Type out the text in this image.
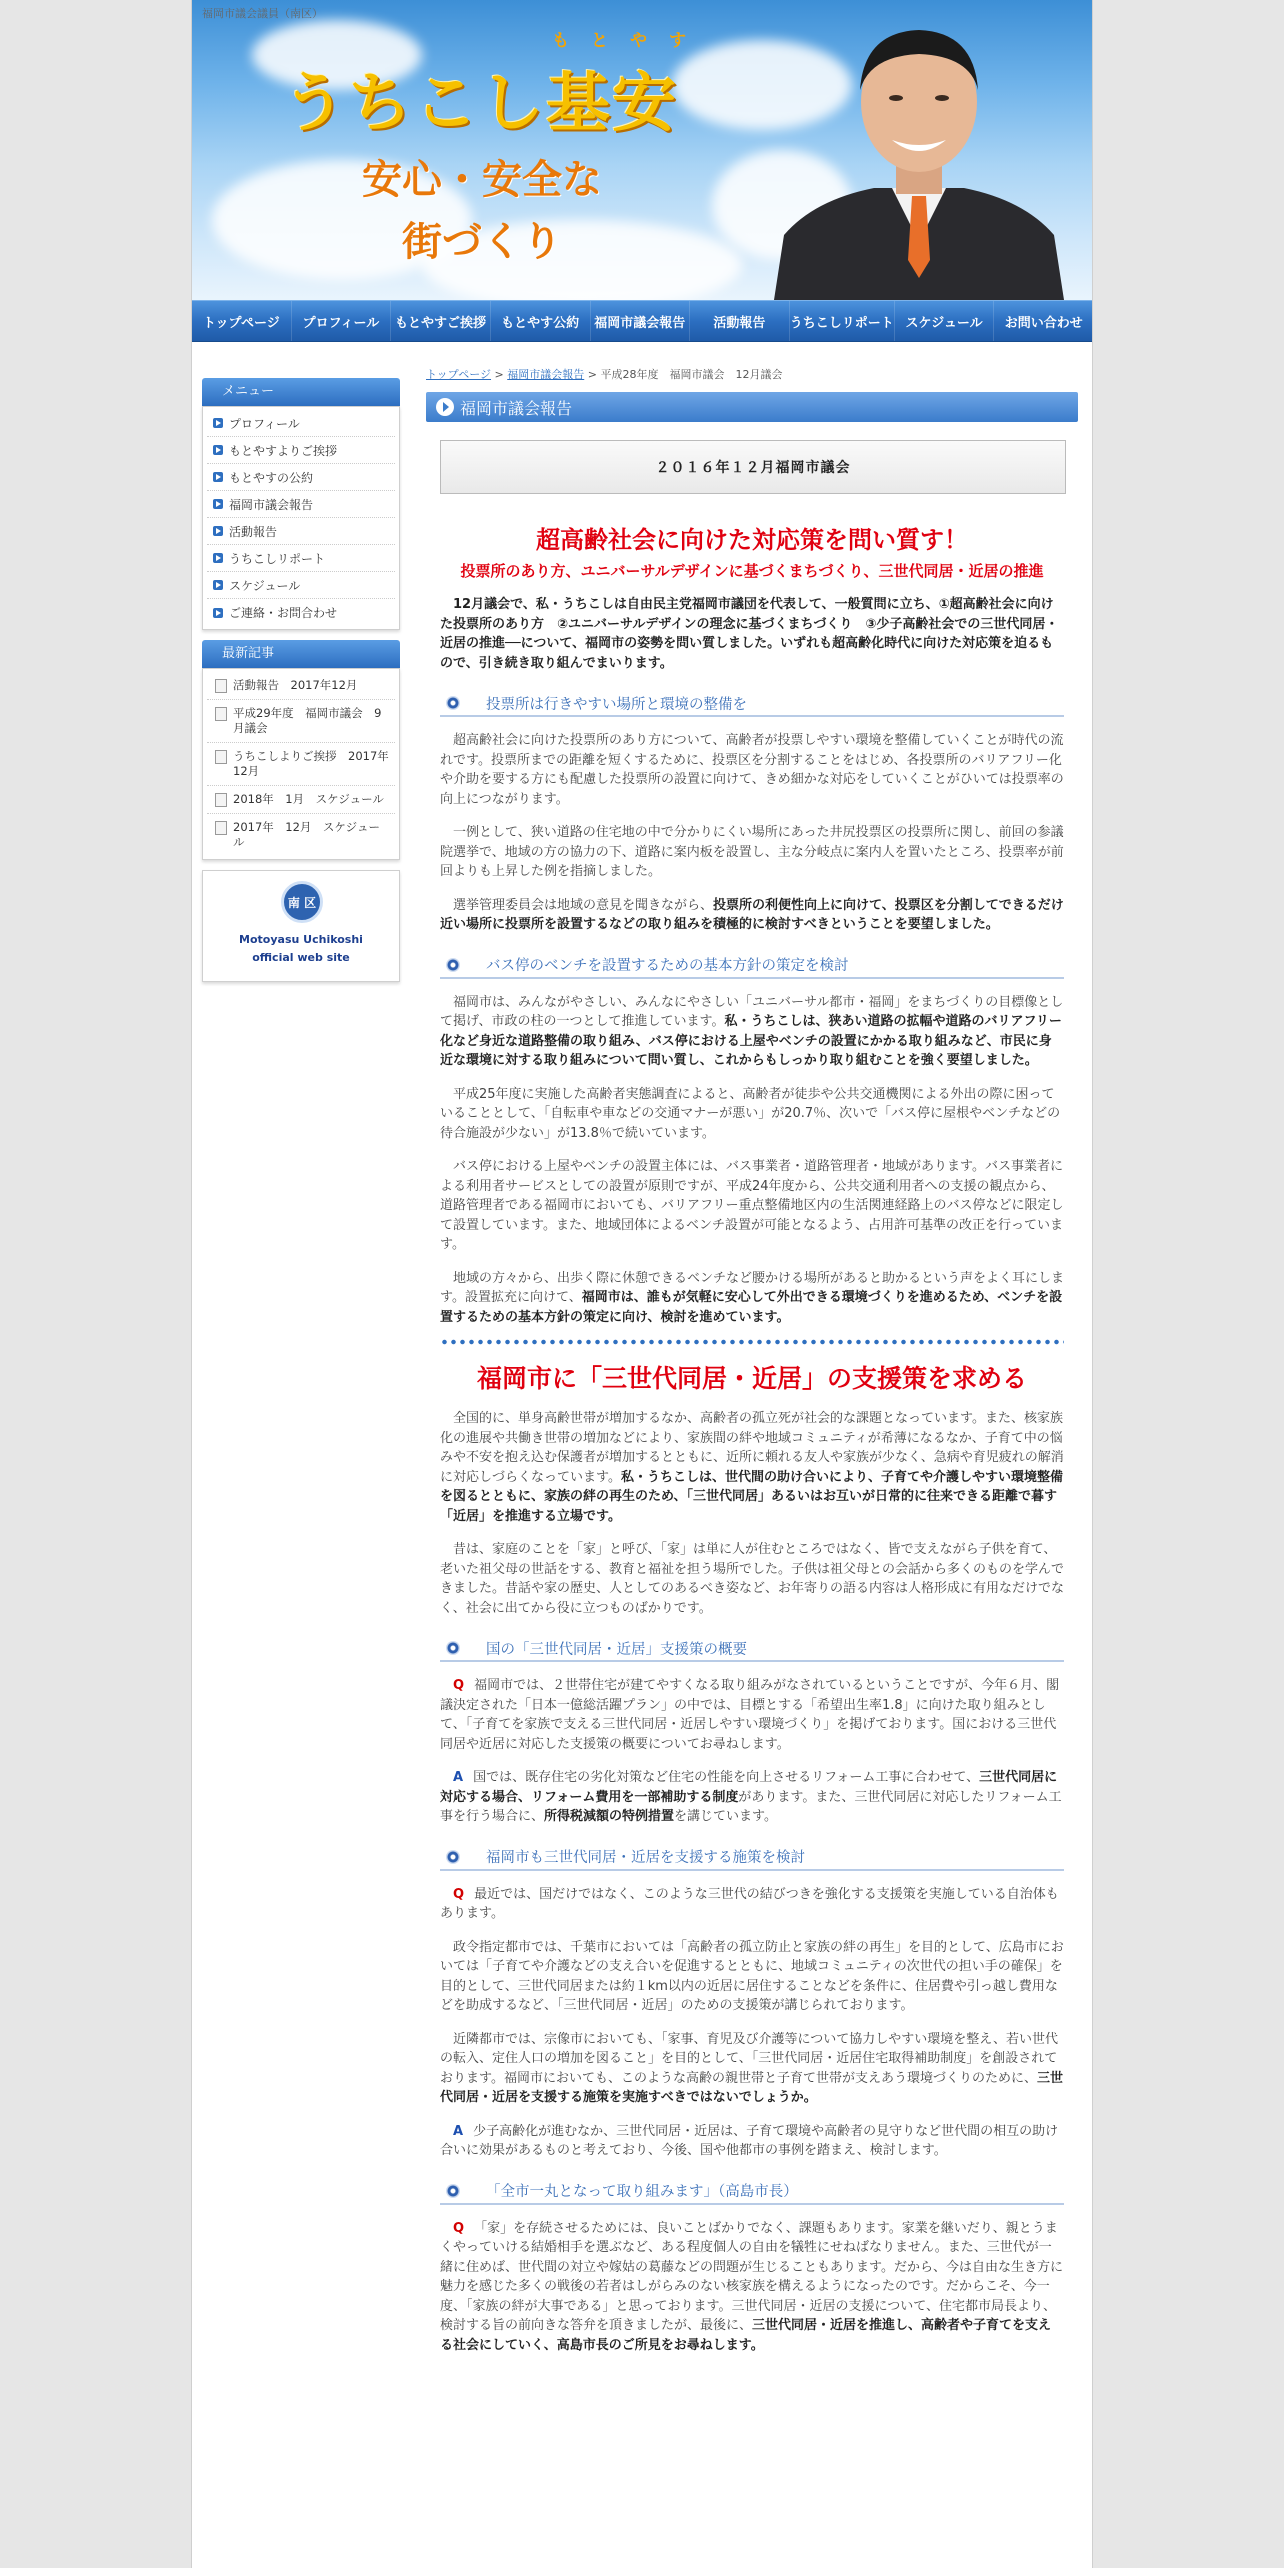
福岡市議会議員（南区）
もとやす
うちこし基安
安心・安全な
街づくり
トップページ	プロフィール	もとやすご挨拶	もとやす公約	福岡市議会報告	活動報告	うちこしリポート スケジュール	お問い合わせ
メニュー
プロフィール
もとやすよりご挨拶
もとやすの公約
福岡市議会報告
活動報告
うちこしリポート
スケジュール
ご連絡・お問合わせ
最新記事
活動報告　2017年12月
平成29年度　福岡市議会　9月議会
うちこしよりご挨拶　2017年12月
2018年　1月　スケジュール
2017年　12月　スケジュール
南 区
Motoyasu Uchikoshi
official web site
トップページ > 福岡市議会報告 > 平成28年度　福岡市議会　12月議会
福岡市議会報告
２０１６年１２月福岡市議会
超高齢社会に向けた対応策を問い質す！
投票所のあり方、ユニバーサルデザインに基づくまちづくり、三世代同居・近居の推進
12月議会で、私・うちこしは自由民主党福岡市議団を代表して、一般質問に立ち、①超高齢社会に向けた投票所のあり方　②ユニバーサルデザインの理念に基づくまちづくり　③少子高齢社会での三世代同居・近居の推進──について、福岡市の姿勢を問い質しました。いずれも超高齢化時代に向けた対応策を迫るもので、引き続き取り組んでまいります。
投票所は行きやすい場所と環境の整備を
超高齢社会に向けた投票所のあり方について、高齢者が投票しやすい環境を整備していくことが時代の流れです。投票所までの距離を短くするために、投票区を分割することをはじめ、各投票所のバリアフリー化や介助を要する方にも配慮した投票所の設置に向けて、きめ細かな対応をしていくことがひいては投票率の向上につながります。
一例として、狭い道路の住宅地の中で分かりにくい場所にあった井尻投票区の投票所に関し、前回の参議院選挙で、地域の方の協力の下、道路に案内板を設置し、主な分岐点に案内人を置いたところ、投票率が前回よりも上昇した例を指摘しました。
選挙管理委員会は地域の意見を聞きながら、投票所の利便性向上に向けて、投票区を分割してできるだけ近い場所に投票所を設置するなどの取り組みを積極的に検討すべきということを要望しました。
バス停のベンチを設置するための基本方針の策定を検討
福岡市は、みんながやさしい、みんなにやさしい「ユニバーサル都市・福岡」をまちづくりの目標像として掲げ、市政の柱の一つとして推進しています。私・うちこしは、狭あい道路の拡幅や道路のバリアフリー化など身近な道路整備の取り組み、バス停における上屋やベンチの設置にかかる取り組みなど、市民に身近な環境に対する取り組みについて問い質し、これからもしっかり取り組むことを強く要望しました。
平成25年度に実施した高齢者実態調査によると、高齢者が徒歩や公共交通機関による外出の際に困っていることとして、「自転車や車などの交通マナーが悪い」が20.7％、次いで「バス停に屋根やベンチなどの待合施設が少ない」が13.8％で続いています。
バス停における上屋やベンチの設置主体には、バス事業者・道路管理者・地域があります。バス事業者による利用者サービスとしての設置が原則ですが、平成24年度から、公共交通利用者への支援の観点から、道路管理者である福岡市においても、バリアフリー重点整備地区内の生活関連経路上のバス停などに限定して設置しています。また、地域団体によるベンチ設置が可能となるよう、占用許可基準の改正を行っています。
地域の方々から、出歩く際に休憩できるベンチなど腰かける場所があると助かるという声をよく耳にします。設置拡充に向けて、福岡市は、誰もが気軽に安心して外出できる環境づくりを進めるため、ベンチを設置するための基本方針の策定に向け、検討を進めています。
福岡市に「三世代同居・近居」の支援策を求める
全国的に、単身高齢世帯が増加するなか、高齢者の孤立死が社会的な課題となっています。また、核家族化の進展や共働き世帯の増加などにより、家族間の絆や地域コミュニティが希薄になるなか、子育て中の悩みや不安を抱え込む保護者が増加するとともに、近所に頼れる友人や家族が少なく、急病や育児疲れの解消に対応しづらくなっています。私・うちこしは、世代間の助け合いにより、子育てや介護しやすい環境整備を図るとともに、家族の絆の再生のため、「三世代同居」あるいはお互いが日常的に往来できる距離で暮す「近居」を推進する立場です。
昔は、家庭のことを「家」と呼び、「家」は単に人が住むところではなく、皆で支えながら子供を育て、老いた祖父母の世話をする、教育と福祉を担う場所でした。子供は祖父母との会話から多くのものを学んできました。昔話や家の歴史、人としてのあるべき姿など、お年寄りの語る内容は人格形成に有用なだけでなく、社会に出てから役に立つものばかりです。
国の「三世代同居・近居」支援策の概要
Q 福岡市では、２世帯住宅が建てやすくなる取り組みがなされているということですが、今年６月、閣議決定された「日本一億総活躍プラン」の中では、目標とする「希望出生率1.8」に向けた取り組みとして、「子育てを家族で支える三世代同居・近居しやすい環境づくり」を掲げております。国における三世代同居や近居に対応した支援策の概要についてお尋ねします。
A 国では、既存住宅の劣化対策など住宅の性能を向上させるリフォーム工事に合わせて、三世代同居に対応する場合、リフォーム費用を一部補助する制度があります。また、三世代同居に対応したリフォーム工事を行う場合に、所得税減額の特例措置を講じています。
福岡市も三世代同居・近居を支援する施策を検討
Q 最近では、国だけではなく、このような三世代の結びつきを強化する支援策を実施している自治体もあります。
政令指定都市では、千葉市においては「高齢者の孤立防止と家族の絆の再生」を目的として、広島市においては「子育てや介護などの支え合いを促進するとともに、地域コミュニティの次世代の担い手の確保」を目的として、三世代同居または約１km以内の近居に居住することなどを条件に、住居費や引っ越し費用などを助成するなど、「三世代同居・近居」のための支援策が講じられております。
近隣都市では、宗像市においても、「家事、育児及び介護等について協力しやすい環境を整え、若い世代の転入、定住人口の増加を図ること」を目的として、「三世代同居・近居住宅取得補助制度」を創設されております。福岡市においても、このような高齢の親世帯と子育て世帯が支えあう環境づくりのために、三世代同居・近居を支援する施策を実施すべきではないでしょうか。
A 少子高齢化が進むなか、三世代同居・近居は、子育て環境や高齢者の見守りなど世代間の相互の助け合いに効果があるものと考えており、今後、国や他都市の事例を踏まえ、検討します。
「全市一丸となって取り組みます」（高島市長）
Q 「家」を存続させるためには、良いことばかりでなく、課題もあります。家業を継いだり、親とうまくやっていける結婚相手を選ぶなど、ある程度個人の自由を犠牲にせねばなりません。また、三世代が一緒に住めば、世代間の対立や嫁姑の葛藤などの問題が生じることもあります。だから、今は自由な生き方に魅力を感じた多くの戦後の若者はしがらみのない核家族を構えるようになったのです。だからこそ、今一度、「家族の絆が大事である」と思っております。三世代同居・近居の支援について、住宅都市局長より、検討する旨の前向きな答弁を頂きましたが、最後に、三世代同居・近居を推進し、高齢者や子育てを支える社会にしていく、高島市長のご所見をお尋ねします。
